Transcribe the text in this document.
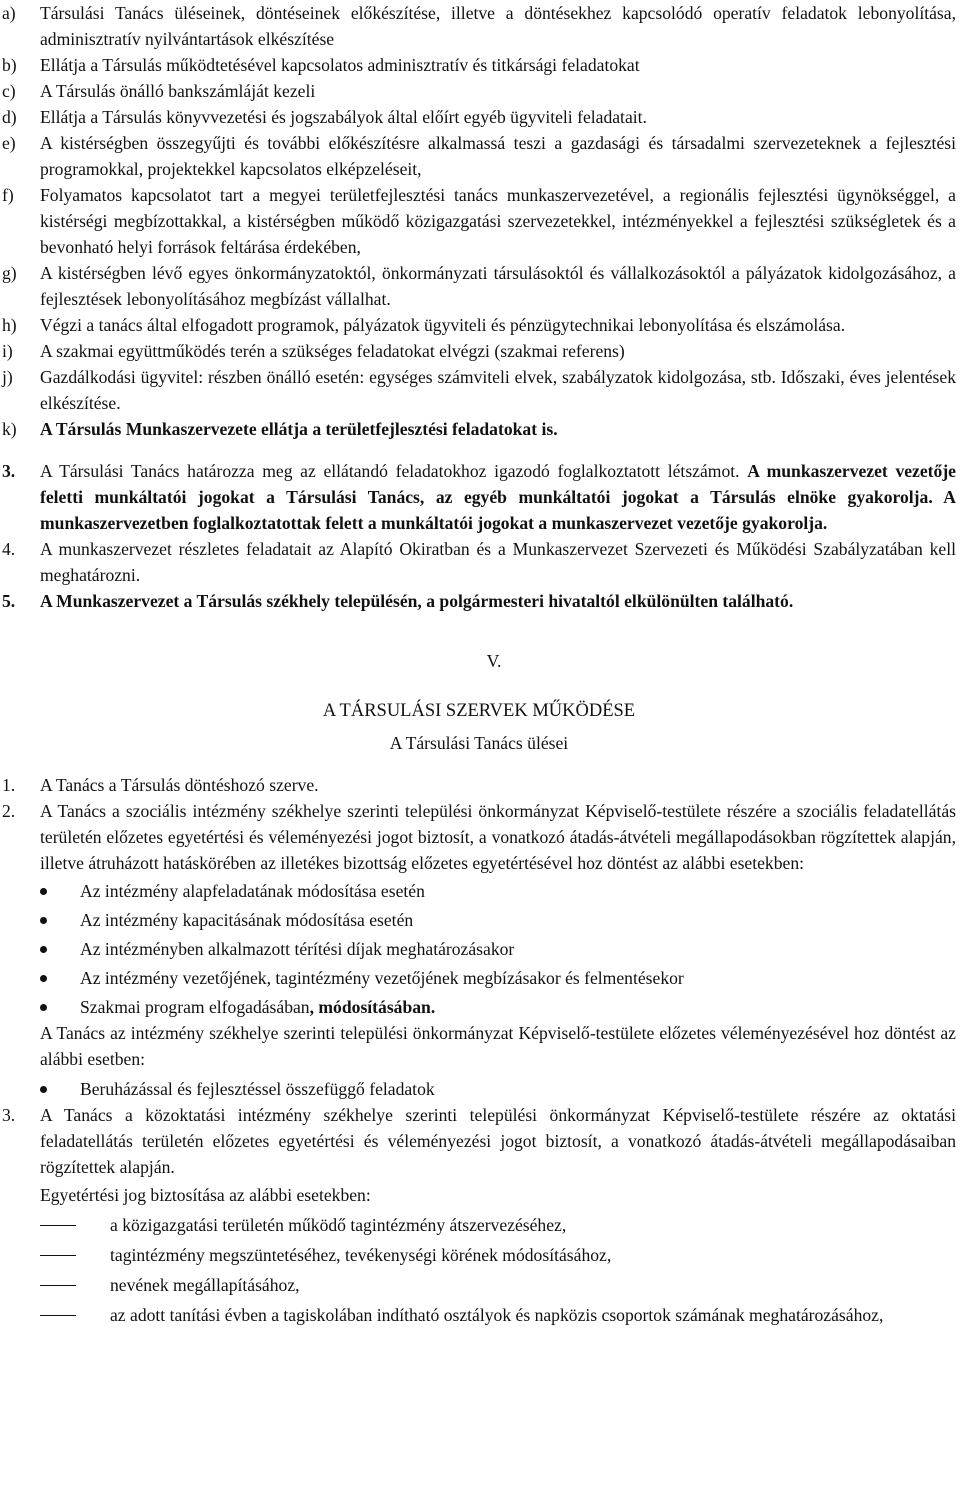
a)	Társulási Tanács üléseinek, döntéseinek előkészítése, illetve a döntésekhez kapcsolódó operatív feladatok lebonyolítása, adminisztratív nyilvántartások elkészítése
b)	Ellátja a Társulás működtetésével kapcsolatos adminisztratív és titkársági feladatokat
c)	A Társulás önálló bankszámláját kezeli
d)	Ellátja a Társulás könyvvezetési és jogszabályok által előírt egyéb ügyviteli feladatait.
e)	A kistérségben összegyűjti és további előkészítésre alkalmassá teszi a gazdasági és társadalmi szervezeteknek a fejlesztési programokkal, projektekkel kapcsolatos elképzeléseit,
f)	Folyamatos kapcsolatot tart a megyei területfejlesztési tanács munkaszervezetével, a regionális fejlesztési ügynökséggel, a kistérségi megbízottakkal, a kistérségben működő közigazgatási szervezetekkel, intézményekkel a fejlesztési szükségletek és a bevonható helyi források feltárása érdekében,
g)	A kistérségben lévő egyes önkormányzatoktól, önkormányzati társulásoktól és vállalkozásoktól a pályázatok kidolgozásához, a fejlesztések lebonyolításához megbízást vállalhat.
h)	Végzi a tanács által elfogadott programok, pályázatok ügyviteli és pénzügytechnikai lebonyolítása és elszámolása.
i)	A szakmai együttműködés terén a szükséges feladatokat elvégzi (szakmai referens)
j)	Gazdálkodási ügyvitel: részben önálló esetén: egységes számviteli elvek, szabályzatok kidolgozása, stb. Időszaki, éves jelentések elkészítése.
k)	A Társulás Munkaszervezete ellátja a területfejlesztési feladatokat is.
3.	A Társulási Tanács határozza meg az ellátandó feladatokhoz igazodó foglalkoztatott létszámot. A munkaszervezet vezetője feletti munkáltatói jogokat a Társulási Tanács, az egyéb munkáltatói jogokat a Társulás elnöke gyakorolja. A munkaszervezetben foglalkoztatottak felett a munkáltatói jogokat a munkaszervezet vezetője gyakorolja.
4.	A munkaszervezet részletes feladatait az Alapító Okiratban és a Munkaszervezet Szervezeti és Működési Szabályzatában kell meghatározni.
5.	A Munkaszervezet a Társulás székhely településén, a polgármesteri hivataltól elkülönülten található.
V.
A TÁRSULÁSI SZERVEK MŰKÖDÉSE
A Társulási Tanács ülései
1.	A Tanács a Társulás döntéshozó szerve.
2.	A Tanács a szociális intézmény székhelye szerinti települési önkormányzat Képviselő-testülete részére a szociális feladatellátás területén előzetes egyetértési és véleményezési jogot biztosít, a vonatkozó átadás-átvételi megállapodásokban rögzítettek alapján, illetve átruházott hatáskörében az illetékes bizottság előzetes egyetértésével hoz döntést az alábbi esetekben:
Az intézmény alapfeladatának módosítása esetén
Az intézmény kapacitásának módosítása esetén
Az intézményben alkalmazott térítési díjak meghatározásakor
Az intézmény vezetőjének, tagintézmény vezetőjének megbízásakor és felmentésekor
Szakmai program elfogadásában, módosításában.
A Tanács az intézmény székhelye szerinti települési önkormányzat Képviselő-testülete előzetes véleményezésével hoz döntést az alábbi esetben:
Beruházással és fejlesztéssel összefüggő feladatok
3.	A Tanács a közoktatási intézmény székhelye szerinti települési önkormányzat Képviselő-testülete részére az oktatási feladatellátás területén előzetes egyetértési és véleményezési jogot biztosít, a vonatkozó átadás-átvételi megállapodásaiban rögzítettek alapján.
Egyetértési jog biztosítása az alábbi esetekben:
a közigazgatási területén működő tagintézmény átszervezéséhez,
tagintézmény megszüntetéséhez, tevékenységi körének módosításához,
nevének megállapításához,
az adott tanítási évben a tagiskolában indítható osztályok és napközis csoportok számának meghatározásához,
